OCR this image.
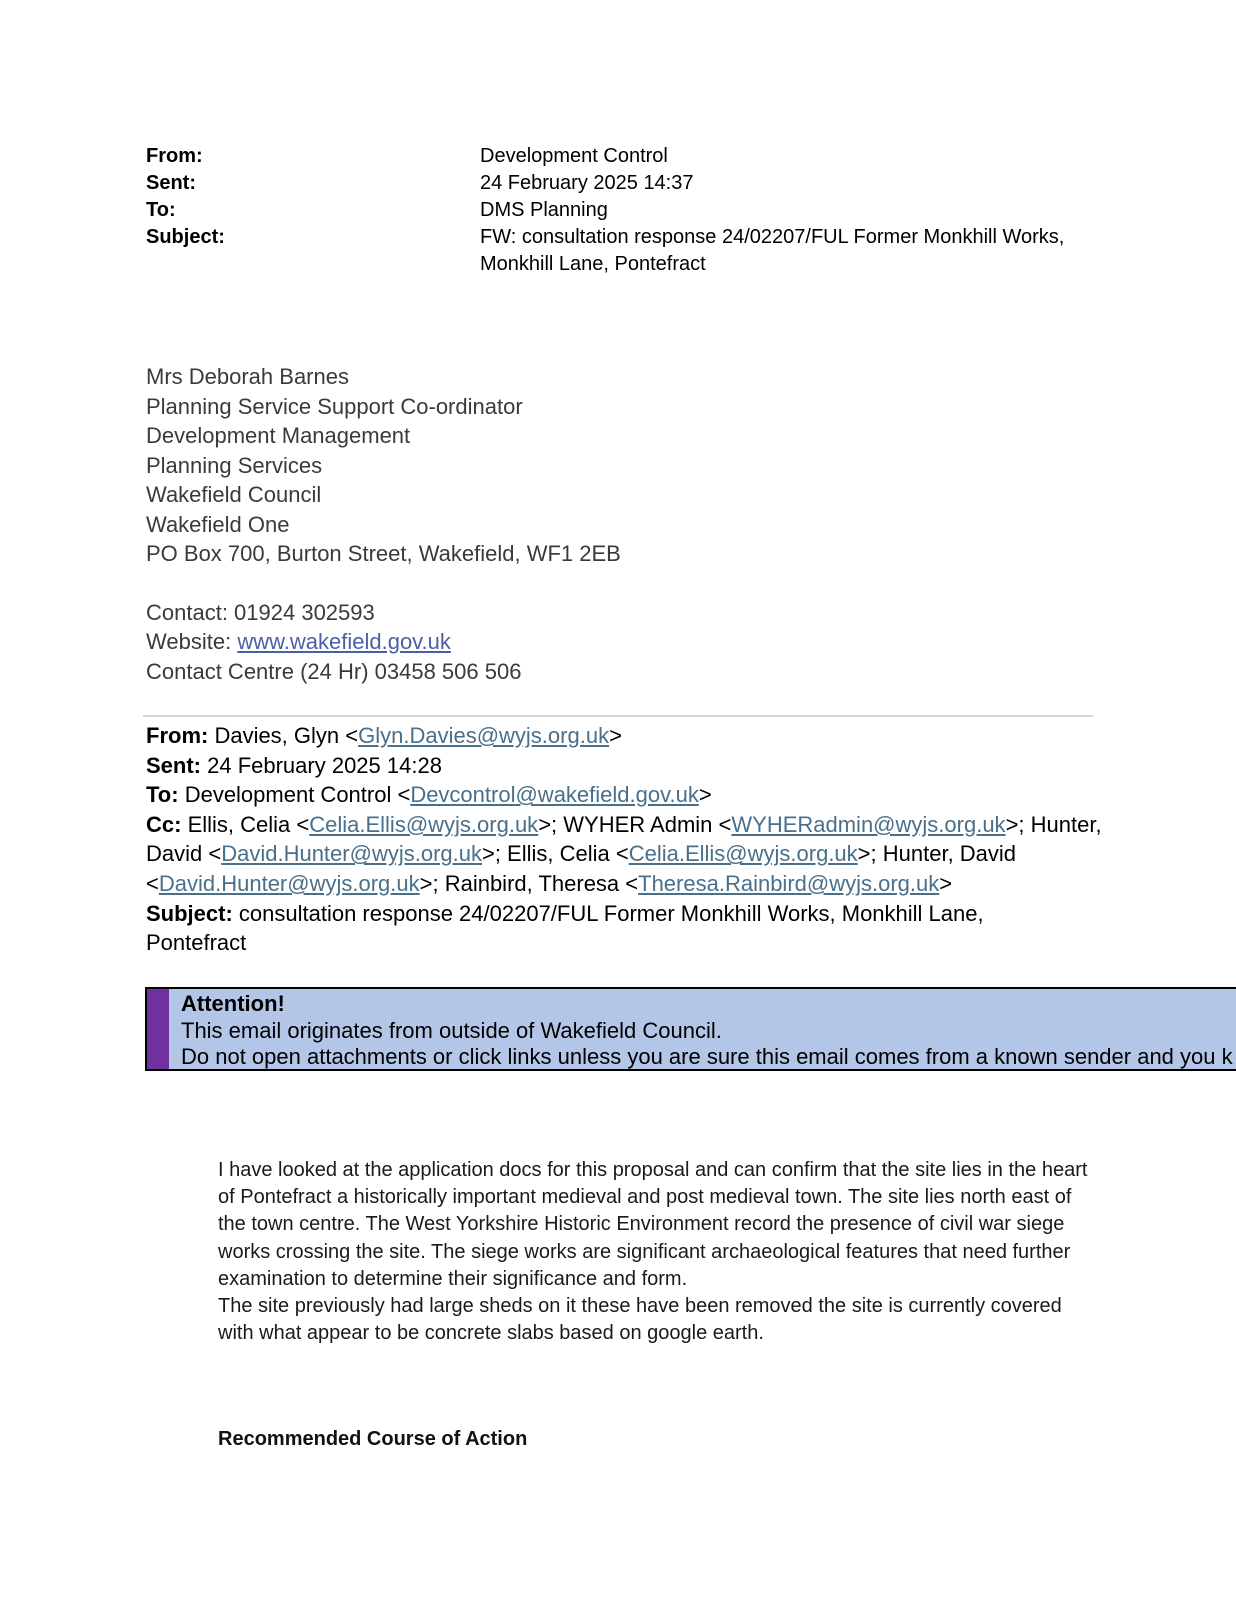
From:	Development Control
Sent:	24 February 2025 14:37
To:	DMS Planning
Subject:	FW: consultation response 24/02207/FUL Former Monkhill Works, Monkhill Lane, Pontefract
Mrs Deborah Barnes
Planning Service Support Co-ordinator
Development Management
Planning Services
Wakefield Council
Wakefield One
PO Box 700, Burton Street, Wakefield, WF1 2EB
Contact: 01924 302593
Website: www.wakefield.gov.uk
Contact Centre (24 Hr) 03458 506 506
From: Davies, Glyn <Glyn.Davies@wyjs.org.uk>
Sent: 24 February 2025 14:28
To: Development Control <Devcontrol@wakefield.gov.uk>
Cc: Ellis, Celia <Celia.Ellis@wyjs.org.uk>; WYHER Admin <WYHERadmin@wyjs.org.uk>; Hunter,
David <David.Hunter@wyjs.org.uk>; Ellis, Celia <Celia.Ellis@wyjs.org.uk>; Hunter, David
<David.Hunter@wyjs.org.uk>; Rainbird, Theresa <Theresa.Rainbird@wyjs.org.uk>
Subject: consultation response 24/02207/FUL Former Monkhill Works, Monkhill Lane,
Pontefract
Attention!
This email originates from outside of Wakefield Council.
Do not open attachments or click links unless you are sure this email comes from a known sender and you k

I have looked at the application docs for this proposal and can confirm that the site lies in the heart of Pontefract a historically important medieval and post medieval town. The site lies north east of the town centre. The West Yorkshire Historic Environment record the presence of civil war siege works crossing the site. The siege works are significant archaeological features that need further examination to determine their significance and form.

The site previously had large sheds on it these have been removed the site is currently covered with what appear to be concrete slabs based on google earth.

Recommended Course of Action
